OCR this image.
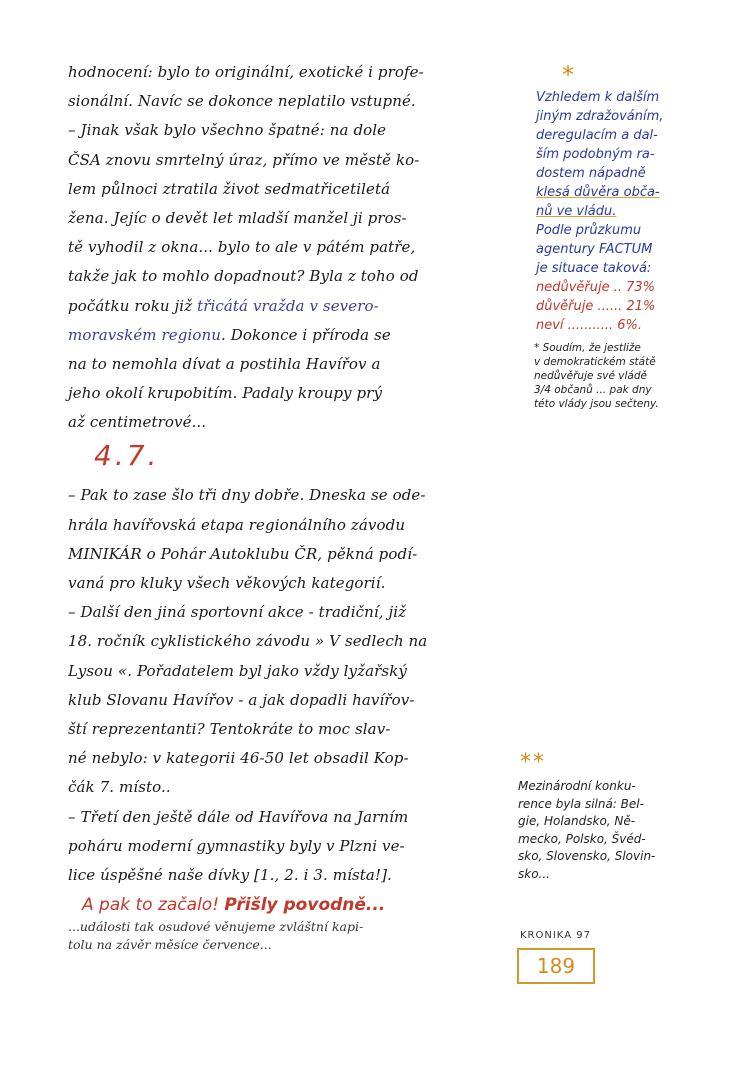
hodnocení: bylo to originální, exotické i profe-
sionální. Navíc se dokonce neplatilo vstupné.
– Jinak však bylo všechno špatné: na dole
ČSA znovu smrtelný úraz, přímo ve městě ko-
lem půlnoci ztratila život sedmatřicetiletá
žena. Jejíc o devět let mladší manžel ji pros-
tě vyhodil z okna... bylo to ale v pátém patře,
takže jak to mohlo dopadnout? Byla z toho od
počátku roku již třicátá vražda v severo-
moravském regionu. Dokonce i příroda se
na to nemohla dívat a postihla Havířov a
jeho okolí krupobitím. Padaly kroupy prý
až centimetrové...
4.7.
– Pak to zase šlo tři dny dobře. Dneska se ode-
hrála havířovská etapa regionálního závodu
MINIKÁR o Pohár Autoklubu ČR, pěkná podí-
vaná pro kluky všech věkových kategorií.
– Další den jiná sportovní akce - tradiční, již
18. ročník cyklistického závodu » V sedlech na
Lysou «. Pořadatelem byl jako vždy lyžařský
klub Slovanu Havířov - a jak dopadli havířov-
ští reprezentanti? Tentokráte to moc slav-
né nebylo: v kategorii 46-50 let obsadil Kop-
čák 7. místo..
– Třetí den ještě dále od Havířova na Jarním
poháru moderní gymnastiky byly v Plzni ve-
lice úspěšné naše dívky [1., 2. i 3. místa!].
A pak to začalo! Přišly povodně...
...události tak osudové věnujeme zvláštní kapi-
tolu na závěr měsíce července...
*
Vzhledem k dalším
jiným zdražováním,
deregulacím a dal-
ším podobným ra-
dostem nápadně
klesá důvěra obča-
nů ve vládu.
Podle průzkumu
agentury FACTUM
je situace taková:
nedůvěřuje .. 73%
důvěřuje ...... 21%
neví ........... 6%.
* Soudím, že jestliže
v demokratickém státě
nedůvěřuje své vládě
3/4 občanů ... pak dny
této vlády jsou sečteny.
**
Mezinárodní konku-
rence byla silná: Bel-
gie, Holandsko, Ně-
mecko, Polsko, Švéd-
sko, Slovensko, Slovin-
sko...
KRONIKA 97
189
